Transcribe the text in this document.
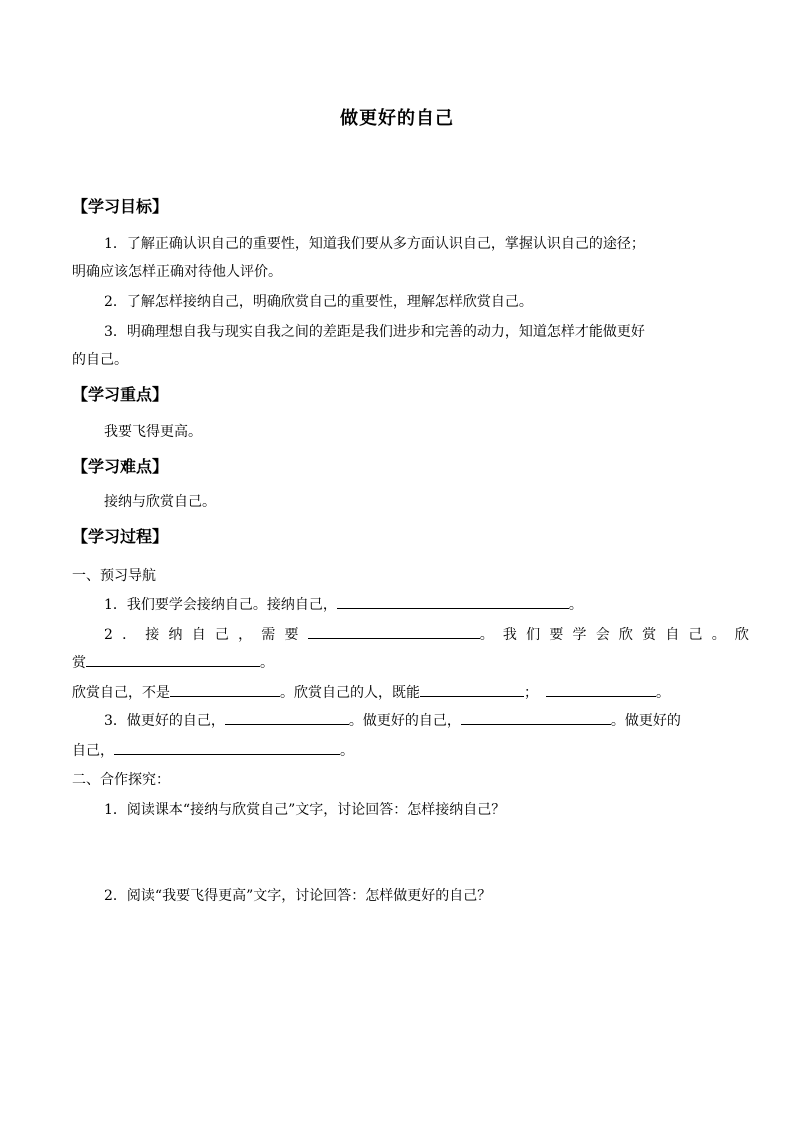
做更好的自己
【学习目标】
1．了解正确认识自己的重要性，知道我们要从多方面认识自己，掌握认识自己的途径；
明确应该怎样正确对待他人评价。
2．了解怎样接纳自己，明确欣赏自己的重要性，理解怎样欣赏自己。
3．明确理想自我与现实自我之间的差距是我们进步和完善的动力，知道怎样才能做更好
的自己。
【学习重点】
我要飞得更高。
【学习难点】
接纳与欣赏自己。
【学习过程】
一、预习导航
1．我们要学会接纳自己。接纳自己，	。
2．接纳自己，需要	。我们要学会欣赏自己。欣
赏	。
欣赏自己，不是	。欣赏自己的人，既能	；	。
3．做更好的自己，	。做更好的自己，	。做更好的
自己，	。
二、合作探究：
1．阅读课本“接纳与欣赏自己”文字，讨论回答：怎样接纳自己？
2．阅读“我要飞得更高”文字，讨论回答：怎样做更好的自己？
